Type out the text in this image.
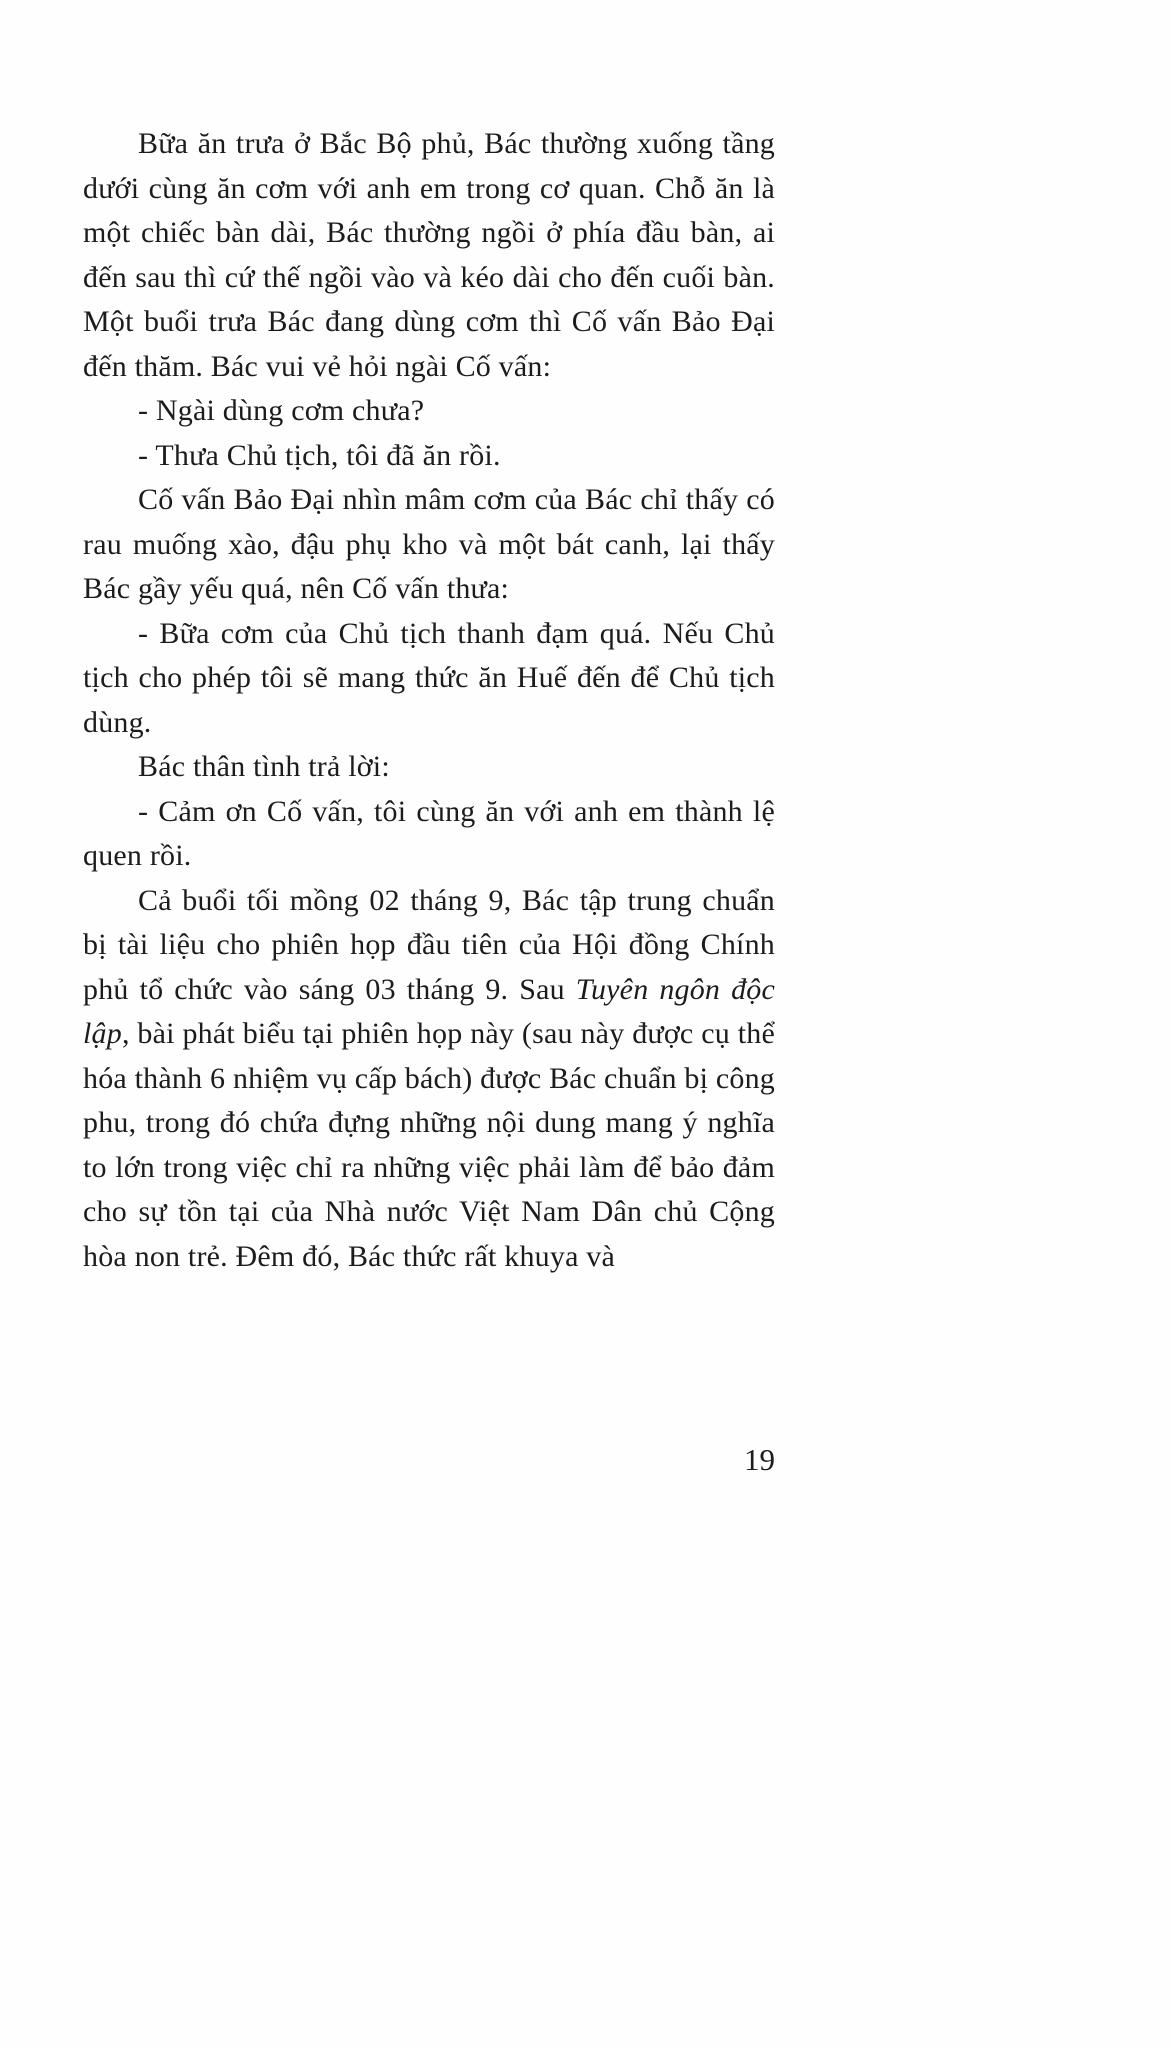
Bữa ăn trưa ở Bắc Bộ phủ, Bác thường xuống tầng dưới cùng ăn cơm với anh em trong cơ quan. Chỗ ăn là một chiếc bàn dài, Bác thường ngồi ở phía đầu bàn, ai đến sau thì cứ thế ngồi vào và kéo dài cho đến cuối bàn. Một buổi trưa Bác đang dùng cơm thì Cố vấn Bảo Đại đến thăm. Bác vui vẻ hỏi ngài Cố vấn:

- Ngài dùng cơm chưa?

- Thưa Chủ tịch, tôi đã ăn rồi.

Cố vấn Bảo Đại nhìn mâm cơm của Bác chỉ thấy có rau muống xào, đậu phụ kho và một bát canh, lại thấy Bác gầy yếu quá, nên Cố vấn thưa:

- Bữa cơm của Chủ tịch thanh đạm quá. Nếu Chủ tịch cho phép tôi sẽ mang thức ăn Huế đến để Chủ tịch dùng.

Bác thân tình trả lời:

- Cảm ơn Cố vấn, tôi cùng ăn với anh em thành lệ quen rồi.

Cả buổi tối mồng 02 tháng 9, Bác tập trung chuẩn bị tài liệu cho phiên họp đầu tiên của Hội đồng Chính phủ tổ chức vào sáng 03 tháng 9. Sau Tuyên ngôn độc lập, bài phát biểu tại phiên họp này (sau này được cụ thể hóa thành 6 nhiệm vụ cấp bách) được Bác chuẩn bị công phu, trong đó chứa đựng những nội dung mang ý nghĩa to lớn trong việc chỉ ra những việc phải làm để bảo đảm cho sự tồn tại của Nhà nước Việt Nam Dân chủ Cộng hòa non trẻ. Đêm đó, Bác thức rất khuya và

19
